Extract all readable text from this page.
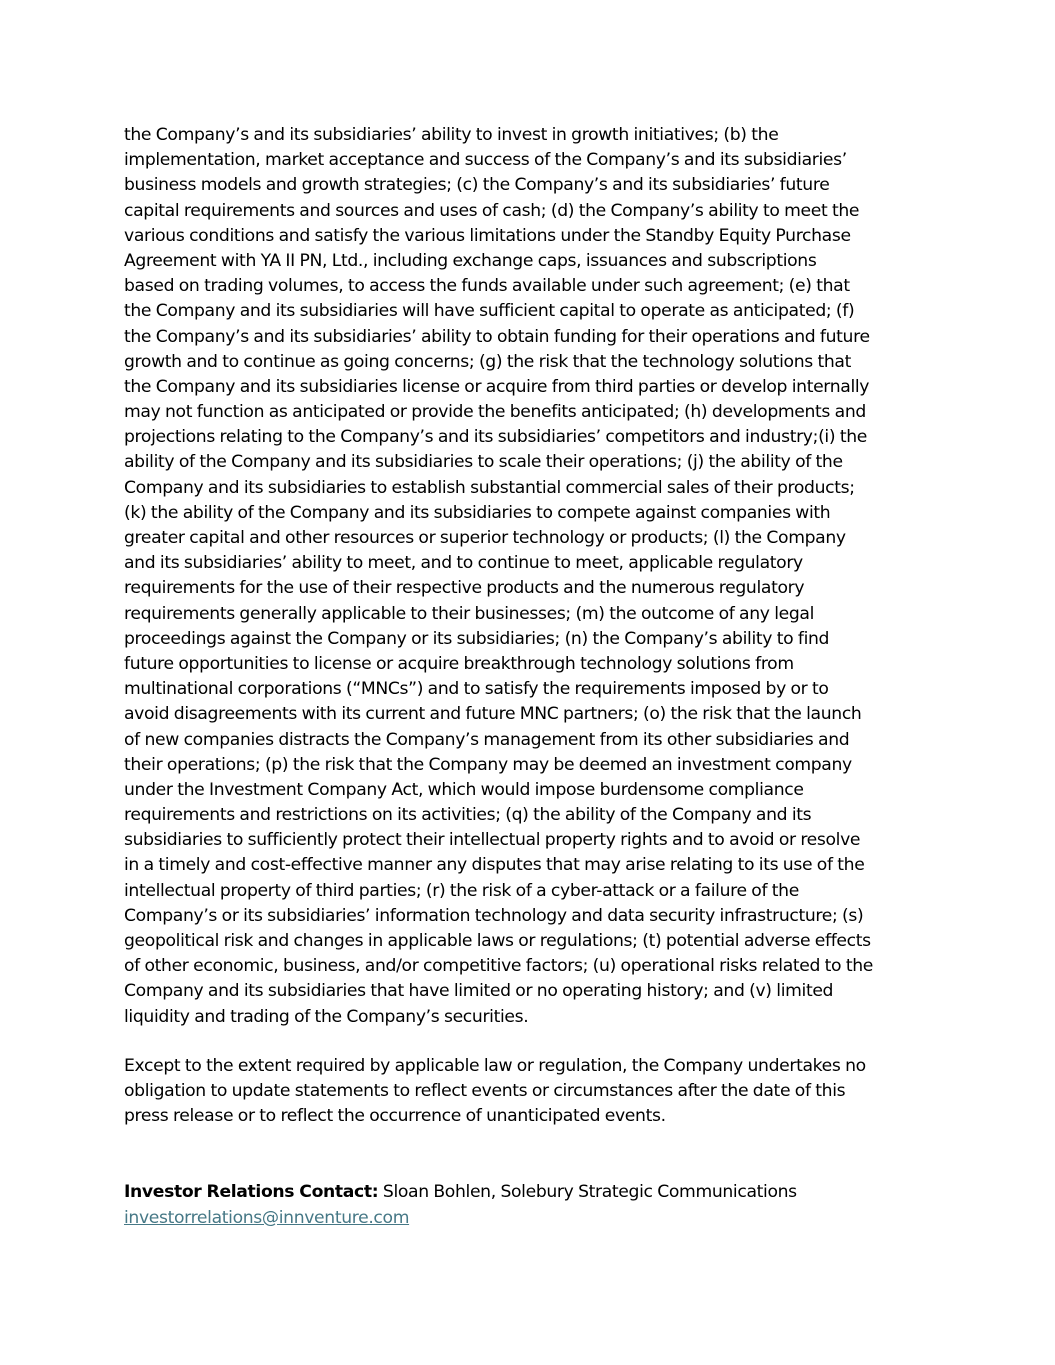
the Company’s and its subsidiaries’ ability to invest in growth initiatives; (b) the
implementation, market acceptance and success of the Company’s and its subsidiaries’
business models and growth strategies; (c) the Company’s and its subsidiaries’ future
capital requirements and sources and uses of cash; (d) the Company’s ability to meet the
various conditions and satisfy the various limitations under the Standby Equity Purchase
Agreement with YA II PN, Ltd., including exchange caps, issuances and subscriptions
based on trading volumes, to access the funds available under such agreement; (e) that
the Company and its subsidiaries will have sufficient capital to operate as anticipated; (f)
the Company’s and its subsidiaries’ ability to obtain funding for their operations and future
growth and to continue as going concerns; (g) the risk that the technology solutions that
the Company and its subsidiaries license or acquire from third parties or develop internally
may not function as anticipated or provide the benefits anticipated; (h) developments and
projections relating to the Company’s and its subsidiaries’ competitors and industry;(i) the
ability of the Company and its subsidiaries to scale their operations; (j) the ability of the
Company and its subsidiaries to establish substantial commercial sales of their products;
(k) the ability of the Company and its subsidiaries to compete against companies with
greater capital and other resources or superior technology or products; (l) the Company
and its subsidiaries’ ability to meet, and to continue to meet, applicable regulatory
requirements for the use of their respective products and the numerous regulatory
requirements generally applicable to their businesses; (m) the outcome of any legal
proceedings against the Company or its subsidiaries; (n) the Company’s ability to find
future opportunities to license or acquire breakthrough technology solutions from
multinational corporations (“MNCs”) and to satisfy the requirements imposed by or to
avoid disagreements with its current and future MNC partners; (o) the risk that the launch
of new companies distracts the Company’s management from its other subsidiaries and
their operations; (p) the risk that the Company may be deemed an investment company
under the Investment Company Act, which would impose burdensome compliance
requirements and restrictions on its activities; (q) the ability of the Company and its
subsidiaries to sufficiently protect their intellectual property rights and to avoid or resolve
in a timely and cost-effective manner any disputes that may arise relating to its use of the
intellectual property of third parties; (r) the risk of a cyber-attack or a failure of the
Company’s or its subsidiaries’ information technology and data security infrastructure; (s)
geopolitical risk and changes in applicable laws or regulations; (t) potential adverse effects
of other economic, business, and/or competitive factors; (u) operational risks related to the
Company and its subsidiaries that have limited or no operating history; and (v) limited
liquidity and trading of the Company’s securities.
Except to the extent required by applicable law or regulation, the Company undertakes no
obligation to update statements to reflect events or circumstances after the date of this
press release or to reflect the occurrence of unanticipated events.
Investor Relations Contact: Sloan Bohlen, Solebury Strategic Communications
investorrelations@innventure.com
